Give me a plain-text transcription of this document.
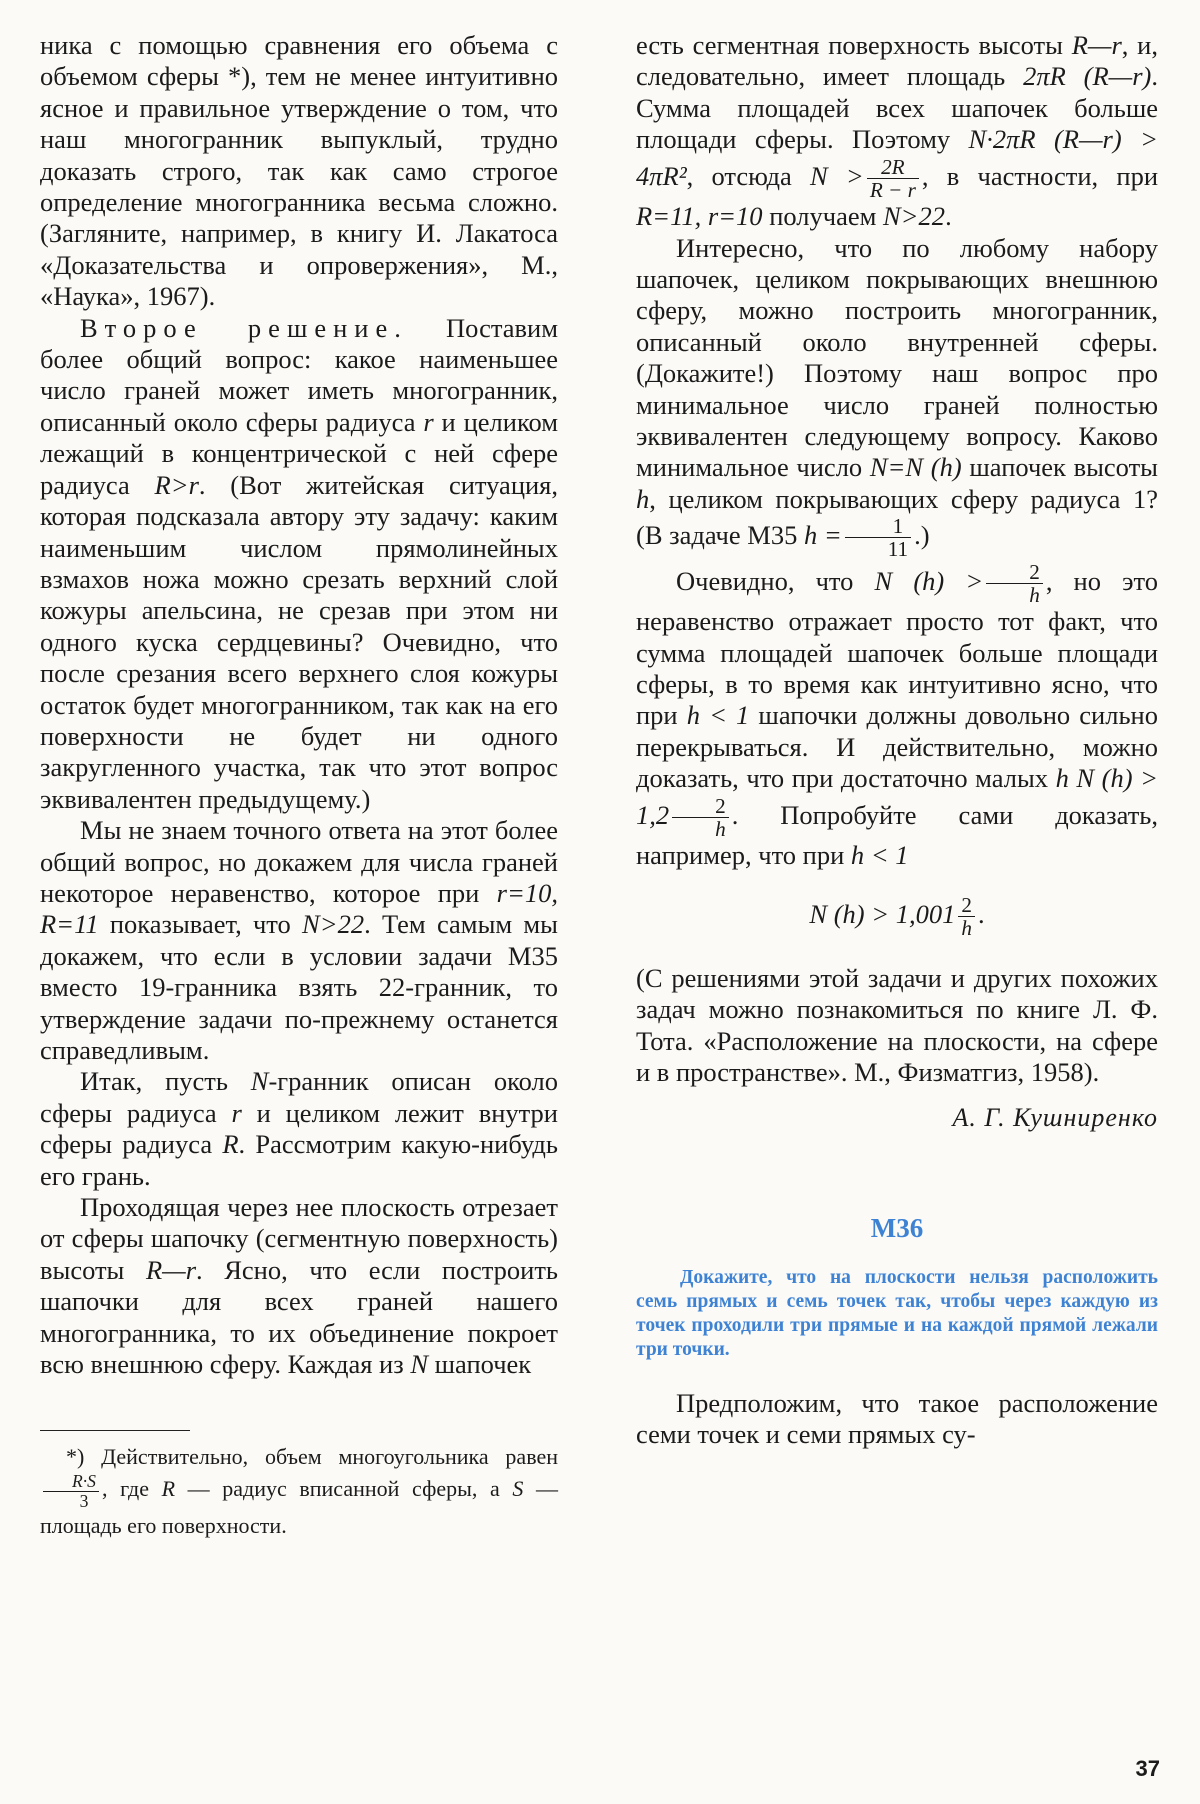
ника с помощью сравнения его объема с объемом сферы *), тем не менее интуитивно ясное и правильное утверждение о том, что наш многогранник выпуклый, трудно доказать строго, так как само строгое определение многогранника весьма сложно. (Загляните, например, в книгу И. Лакатоса «Доказательства и опровержения», М., «Наука», 1967).

Второе решение. Поставим более общий вопрос: какое наименьшее число граней может иметь многогранник, описанный около сферы радиуса r и целиком лежащий в концентрической с ней сфере радиуса R>r. (Вот житейская ситуация, которая подсказала автору эту задачу: каким наименьшим числом прямолинейных взмахов ножа можно срезать верхний слой кожуры апельсина, не срезав при этом ни одного куска сердцевины? Очевидно, что после срезания всего верхнего слоя кожуры остаток будет многогранником, так как на его поверхности не будет ни одного закругленного участка, так что этот вопрос эквивалентен предыдущему.)

Мы не знаем точного ответа на этот более общий вопрос, но докажем для числа граней некоторое неравенство, которое при r=10, R=11 показывает, что N>22. Тем самым мы докажем, что если в условии задачи М35 вместо 19-гранника взять 22-гранник, то утверждение задачи по-прежнему останется справедливым.

Итак, пусть N-гранник описан около сферы радиуса r и целиком лежит внутри сферы радиуса R. Рассмотрим какую-нибудь его грань.

Проходящая через нее плоскость отрезает от сферы шапочку (сегментную поверхность) высоты R—r. Ясно, что если построить шапочки для всех граней нашего многогранника, то их объединение покроет всю внешнюю сферу. Каждая из N шапочек

*) Действительно, объем многоугольника равен
$\frac{R\cdot S}{3}$ , где R — радиус вписанной сферы, а S — площадь его поверхности.

есть сегментная поверхность высоты R—r, и, следовательно, имеет площадь 2πR (R—r). Сумма площадей всех шапочек больше площади сферы. Поэтому N·2πR (R—r) > 4πR², отсюда $N > \frac{2R}{R - r}$ , в частности, при R=11, r=10 получаем N>22.

Интересно, что по любому набору шапочек, целиком покрывающих внешнюю сферу, можно построить многогранник, описанный около внутренней сферы. (Докажите!) Поэтому наш вопрос про минимальное число граней полностью эквивалентен следующему вопросу. Каково минимальное число N=N (h) шапочек высоты h, целиком покрывающих сферу радиуса 1? (В задаче М35 $h = \frac{1}{11}$ .)

Очевидно, что N $(h) > \frac{2}{h}$ , но это неравенство отражает просто тот факт, что сумма площадей шапочек больше площади сферы, в то время как интуитивно ясно, что при h < 1 шапочки должны довольно сильно перекрываться. И действительно, можно доказать, что при достаточно малых h N $(h) > 1,2 \frac{2}{h}$ . Попробуйте сами доказать, например, что при h < 1

N $(h) > 1,001 \frac{2}{h}$ .

(С решениями этой задачи и других похожих задач можно познакомиться по книге Л. Ф. Тота. «Расположение на плоскости, на сфере и в пространстве». М., Физматгиз, 1958).

А. Г. Кушниренко

М36

Докажите, что на плоскости нельзя расположить семь прямых и семь точек так, чтобы через каждую из точек проходили три прямые и на каждой прямой лежали три точки.

Предположим, что такое расположение семи точек и семи прямых су-

37
